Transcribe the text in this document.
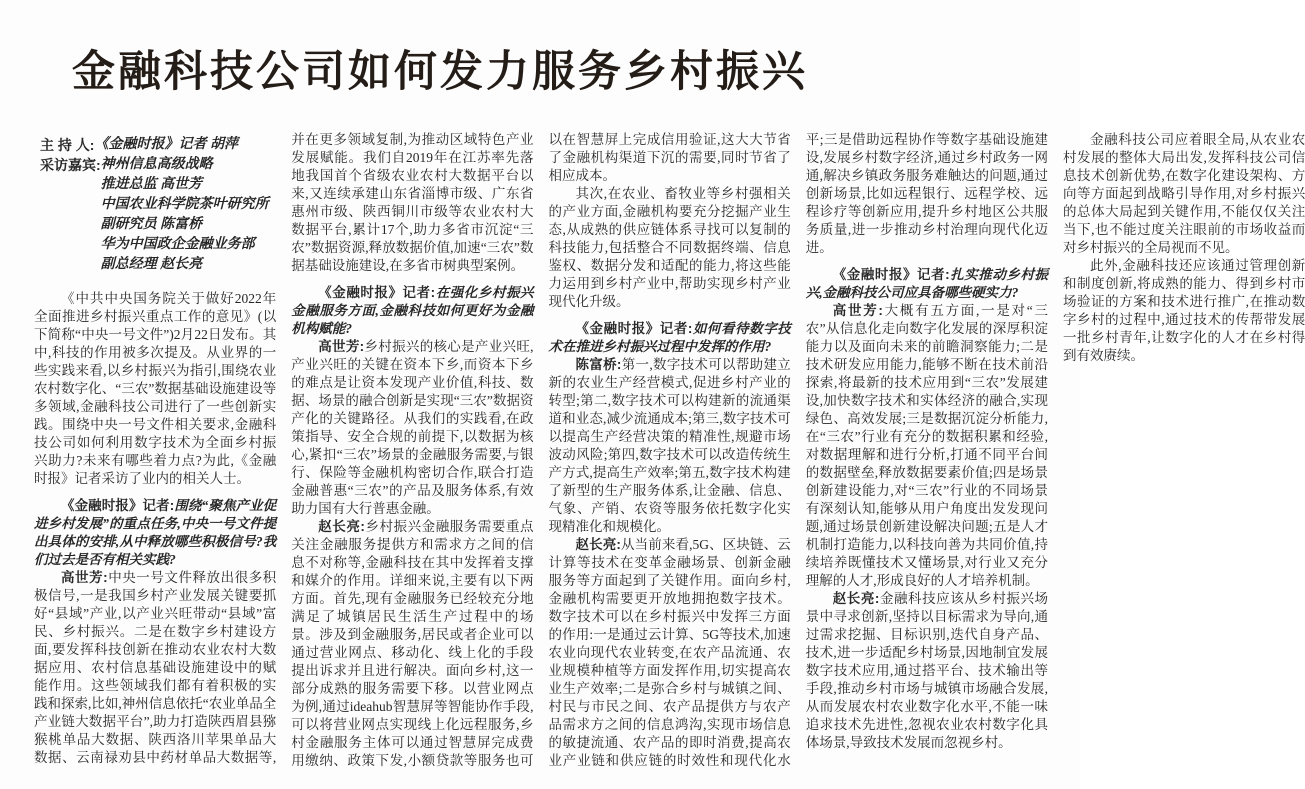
金融科技公司如何发力服务乡村振兴
主 持 人: 《金融时报》记者 胡萍
采访嘉宾: 神州信息高级战略
推进总监 高世芳
中国农业科学院茶叶研究所
副研究员 陈富桥
华为中国政企金融业务部
副总经理 赵长亮

《中共中央国务院关于做好2022年全面推进乡村振兴重点工作的意见》(以下简称“中央一号文件”)2月22日发布。其中,科技的作用被多次提及。从业界的一些实践来看,以乡村振兴为指引,围绕农业农村数字化、“三农”数据基础设施建设等多领域,金融科技公司进行了一些创新实践。围绕中央一号文件相关要求,金融科技公司如何利用数字技术为全面乡村振兴助力?未来有哪些着力点?为此,《金融时报》记者采访了业内的相关人士。

《金融时报》记者:围绕“聚焦产业促进乡村发展”的重点任务,中央一号文件提出具体的安排,从中释放哪些积极信号?我们过去是否有相关实践?

高世芳:中央一号文件释放出很多积极信号,一是我国乡村产业发展关键要抓好“县域”产业,以产业兴旺带动“县域”富民、乡村振兴。二是在数字乡村建设方面,要发挥科技创新在推动农业农村大数据应用、农村信息基础设施建设中的赋能作用。这些领域我们都有着积极的实践和探索,比如,神州信息依托“农业单品全产业链大数据平台”,助力打造陕西眉县猕猴桃单品大数据、陕西洛川苹果单品大数据、云南禄劝县中药材单品大数据等,并在更多领域复制,为推动区域特色产业发展赋能。我们自2019年在江苏率先落地我国首个省级农业农村大数据平台以来,又连续承建山东省淄博市级、广东省惠州市级、陕西铜川市级等农业农村大数据平台,累计17个,助力多省市沉淀“三农”数据资源,释放数据价值,加速“三农”数据基础设施建设,在多省市树典型案例。

《金融时报》记者:在强化乡村振兴金融服务方面,金融科技如何更好为金融机构赋能?

高世芳:乡村振兴的核心是产业兴旺,产业兴旺的关键在资本下乡,而资本下乡的难点是让资本发现产业价值,科技、数据、场景的融合创新是实现“三农”数据资产化的关键路径。从我们的实践看,在政策指导、安全合规的前提下,以数据为核心,紧扣“三农”场景的金融服务需要,与银行、保险等金融机构密切合作,联合打造金融普惠“三农”的产品及服务体系,有效助力国有大行普惠金融。

赵长亮:乡村振兴金融服务需要重点关注金融服务提供方和需求方之间的信息不对称等,金融科技在其中发挥着支撑和媒介的作用。详细来说,主要有以下两方面。首先,现有金融服务已经较充分地满足了城镇居民生活生产过程中的场景。涉及到金融服务,居民或者企业可以通过营业网点、移动化、线上化的手段提出诉求并且进行解决。面向乡村,这一部分成熟的服务需要下移。以营业网点为例,通过ideahub智慧屏等智能协作手段,可以将营业网点实现线上化远程服务,乡村金融服务主体可以通过智慧屏完成费用缴纳、政策下发,小额贷款等服务也可以在智慧屏上完成信用验证,这大大节省了金融机构渠道下沉的需要,同时节省了相应成本。

其次,在农业、畜牧业等乡村强相关的产业方面,金融机构要充分挖掘产业生态,从成熟的供应链体系寻找可以复制的科技能力,包括整合不同数据终端、信息鉴权、数据分发和适配的能力,将这些能力运用到乡村产业中,帮助实现乡村产业现代化升级。

《金融时报》记者:如何看待数字技术在推进乡村振兴过程中发挥的作用?

陈富桥:第一,数字技术可以帮助建立新的农业生产经营模式,促进乡村产业的转型;第二,数字技术可以构建新的流通渠道和业态,减少流通成本;第三,数字技术可以提高生产经营决策的精准性,规避市场波动风险;第四,数字技术可以改造传统生产方式,提高生产效率;第五,数字技术构建了新型的生产服务体系,让金融、信息、气象、产销、农资等服务依托数字化实现精准化和规模化。

赵长亮:从当前来看,5G、区块链、云计算等技术在变革金融场景、创新金融服务等方面起到了关键作用。面向乡村,金融机构需要更开放地拥抱数字技术。数字技术可以在乡村振兴中发挥三方面的作用:一是通过云计算、5G等技术,加速农业向现代农业转变,在农产品流通、农业规模种植等方面发挥作用,切实提高农业生产效率;二是弥合乡村与城镇之间、村民与市民之间、农产品提供方与农产品需求方之间的信息鸿沟,实现市场信息的敏捷流通、农产品的即时消费,提高农业产业链和供应链的时效性和现代化水平;三是借助远程协作等数字基础设施建设,发展乡村数字经济,通过乡村政务一网通,解决乡镇政务服务难触达的问题,通过创新场景,比如远程银行、远程学校、远程诊疗等创新应用,提升乡村地区公共服务质量,进一步推动乡村治理向现代化迈进。

《金融时报》记者:扎实推动乡村振兴,金融科技公司应具备哪些硬实力?

高世芳:大概有五方面,一是对“三农”从信息化走向数字化发展的深厚积淀能力以及面向未来的前瞻洞察能力;二是技术研发应用能力,能够不断在技术前沿探索,将最新的技术应用到“三农”发展建设,加快数字技术和实体经济的融合,实现绿色、高效发展;三是数据沉淀分析能力,在“三农”行业有充分的数据积累和经验,对数据理解和进行分析,打通不同平台间的数据壁垒,释放数据要素价值;四是场景创新建设能力,对“三农”行业的不同场景有深刻认知,能够从用户角度出发发现问题,通过场景创新建设解决问题;五是人才机制打造能力,以科技向善为共同价值,持续培养既懂技术又懂场景,对行业又充分理解的人才,形成良好的人才培养机制。

赵长亮:金融科技应该从乡村振兴场景中寻求创新,坚持以目标需求为导向,通过需求挖掘、目标识别,迭代自身产品、技术,进一步适配乡村场景,因地制宜发展数字技术应用,通过搭平台、技术输出等手段,推动乡村市场与城镇市场融合发展,从而发展农村农业数字化水平,不能一味追求技术先进性,忽视农业农村数字化具体场景,导致技术发展而忽视乡村。

金融科技公司应着眼全局,从农业农村发展的整体大局出发,发挥科技公司信息技术创新优势,在数字化建设架构、方向等方面起到战略引导作用,对乡村振兴的总体大局起到关键作用,不能仅仅关注当下,也不能过度关注眼前的市场收益而对乡村振兴的全局视而不见。

此外,金融科技还应该通过管理创新和制度创新,将成熟的能力、得到乡村市场验证的方案和技术进行推广,在推动数字乡村的过程中,通过技术的传帮带发展一批乡村青年,让数字化的人才在乡村得到有效赓续。
